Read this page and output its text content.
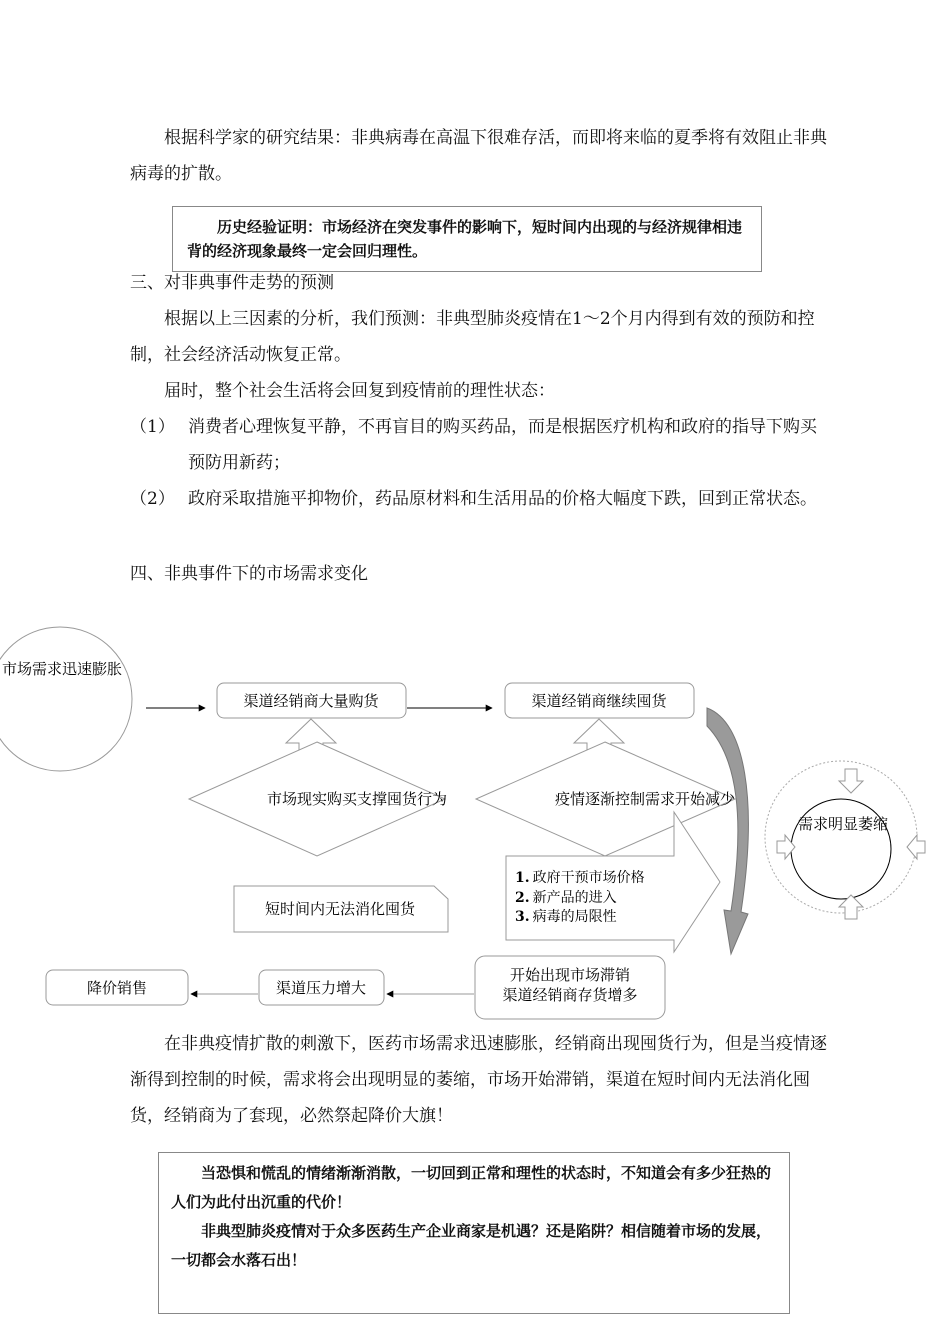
根据科学家的研究结果：非典病毒在高温下很难存活，而即将来临的夏季将有效阻止非典病毒的扩散。

历史经验证明：市场经济在突发事件的影响下，短时间内出现的与经济规律相违背的经济现象最终一定会回归理性。

三、对非典事件走势的预测

根据以上三因素的分析，我们预测：非典型肺炎疫情在1～2个月内得到有效的预防和控制，社会经济活动恢复正常。

届时，整个社会生活将会回复到疫情前的理性状态：

（1） 消费者心理恢复平静，不再盲目的购买药品，而是根据医疗机构和政府的指导下购买预防用新药；
（2） 政府采取措施平抑物价，药品原材料和生活用品的价格大幅度下跌，回到正常状态。

四、非典事件下的市场需求变化

市场需求迅速膨胀
渠道经销商大量购货	渠道经销商继续囤货
市场现实购买支撑囤货行为	疫情逐渐控制需求开始减少
1. 政府干预市场价格
2. 新产品的进入
3. 病毒的局限性
需求明显萎缩
短时间内无法消化囤货
开始出现市场滞销
渠道经销商存货增多
渠道压力增大
降价销售

在非典疫情扩散的刺激下，医药市场需求迅速膨胀，经销商出现囤货行为，但是当疫情逐渐得到控制的时候，需求将会出现明显的萎缩，市场开始滞销，渠道在短时间内无法消化囤货，经销商为了套现，必然祭起降价大旗！

当恐惧和慌乱的情绪渐渐消散，一切回到正常和理性的状态时，不知道会有多少狂热的人们为此付出沉重的代价！

非典型肺炎疫情对于众多医药生产企业商家是机遇？还是陷阱？相信随着市场的发展，一切都会水落石出！
